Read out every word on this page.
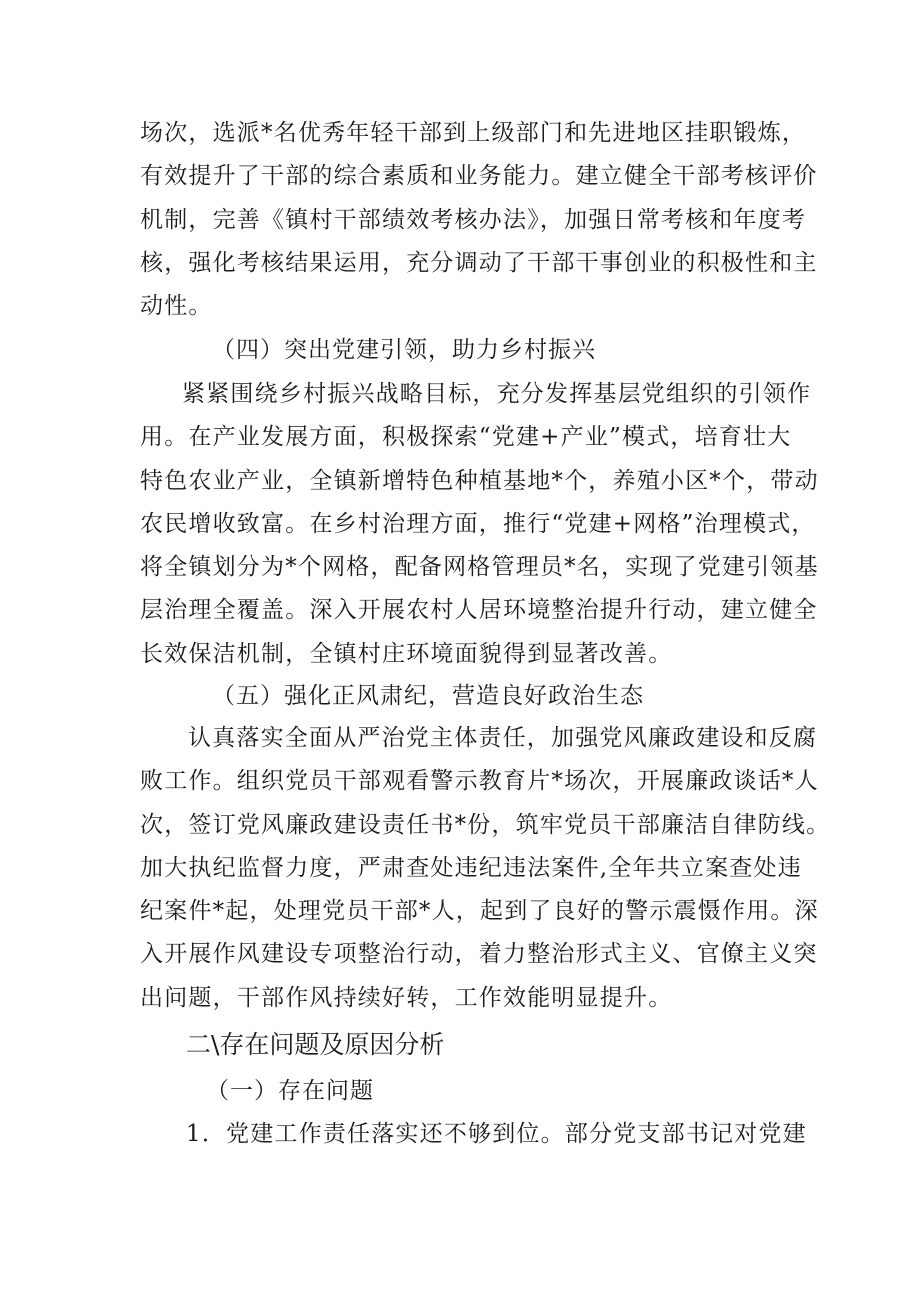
场次，选派*名优秀年轻干部到上级部门和先进地区挂职锻炼，
有效提升了干部的综合素质和业务能力。建立健全干部考核评价
机制，完善《镇村干部绩效考核办法》，加强日常考核和年度考
核，强化考核结果运用，充分调动了干部干事创业的积极性和主
动性。
（四）突出党建引领，助力乡村振兴
紧紧围绕乡村振兴战略目标，充分发挥基层党组织的引领作
用。在产业发展方面，积极探索“党建+产业”模式，培育壮大
特色农业产业，全镇新增特色种植基地*个，养殖小区*个，带动
农民增收致富。在乡村治理方面，推行“党建+网格”治理模式，
将全镇划分为*个网格，配备网格管理员*名，实现了党建引领基
层治理全覆盖。深入开展农村人居环境整治提升行动，建立健全
长效保洁机制，全镇村庄环境面貌得到显著改善。
（五）强化正风肃纪，营造良好政治生态
认真落实全面从严治党主体责任，加强党风廉政建设和反腐
败工作。组织党员干部观看警示教育片*场次，开展廉政谈话*人
次，签订党风廉政建设责任书*份，筑牢党员干部廉洁自律防线。
加大执纪监督力度，严肃查处违纪违法案件,全年共立案查处违
纪案件*起，处理党员干部*人，起到了良好的警示震慑作用。深
入开展作风建设专项整治行动，着力整治形式主义、官僚主义突
出问题，干部作风持续好转，工作效能明显提升。
二\存在问题及原因分析
（一）存在问题
1．党建工作责任落实还不够到位。部分党支部书记对党建
